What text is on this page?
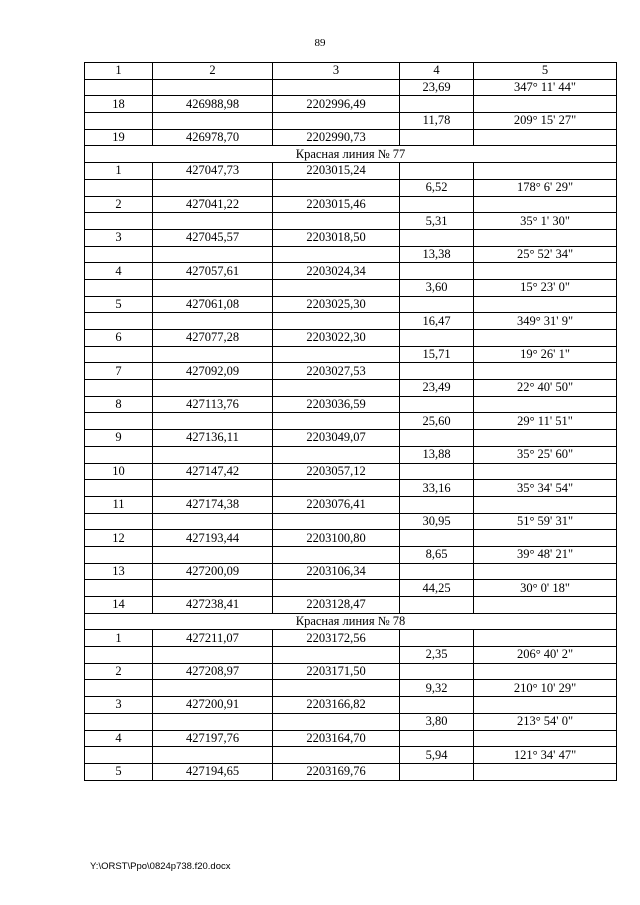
89
1	2	3	4	5
			23,69	347° 11' 44"
18	426988,98	2202996,49		
			11,78	209° 15' 27"
19	426978,70	2202990,73		
Красная линия № 77				
1	427047,73	2203015,24		
			6,52	178° 6' 29"
2	427041,22	2203015,46		
			5,31	35° 1' 30"
3	427045,57	2203018,50		
			13,38	25° 52' 34"
4	427057,61	2203024,34		
			3,60	15° 23' 0"
5	427061,08	2203025,30		
			16,47	349° 31' 9"
6	427077,28	2203022,30		
			15,71	19° 26' 1"
7	427092,09	2203027,53		
			23,49	22° 40' 50"
8	427113,76	2203036,59		
			25,60	29° 11' 51"
9	427136,11	2203049,07		
			13,88	35° 25' 60"
10	427147,42	2203057,12		
			33,16	35° 34' 54"
11	427174,38	2203076,41		
			30,95	51° 59' 31"
12	427193,44	2203100,80		
			8,65	39° 48' 21"
13	427200,09	2203106,34		
			44,25	30° 0' 18"
14	427238,41	2203128,47		
Красная линия № 78				
1	427211,07	2203172,56		
			2,35	206° 40' 2"
2	427208,97	2203171,50		
			9,32	210° 10' 29"
3	427200,91	2203166,82		
			3,80	213° 54' 0"
4	427197,76	2203164,70		
			5,94	121° 34' 47"
5	427194,65	2203169,76		
Y:\ORST\Ppo\0824p738.f20.docx
